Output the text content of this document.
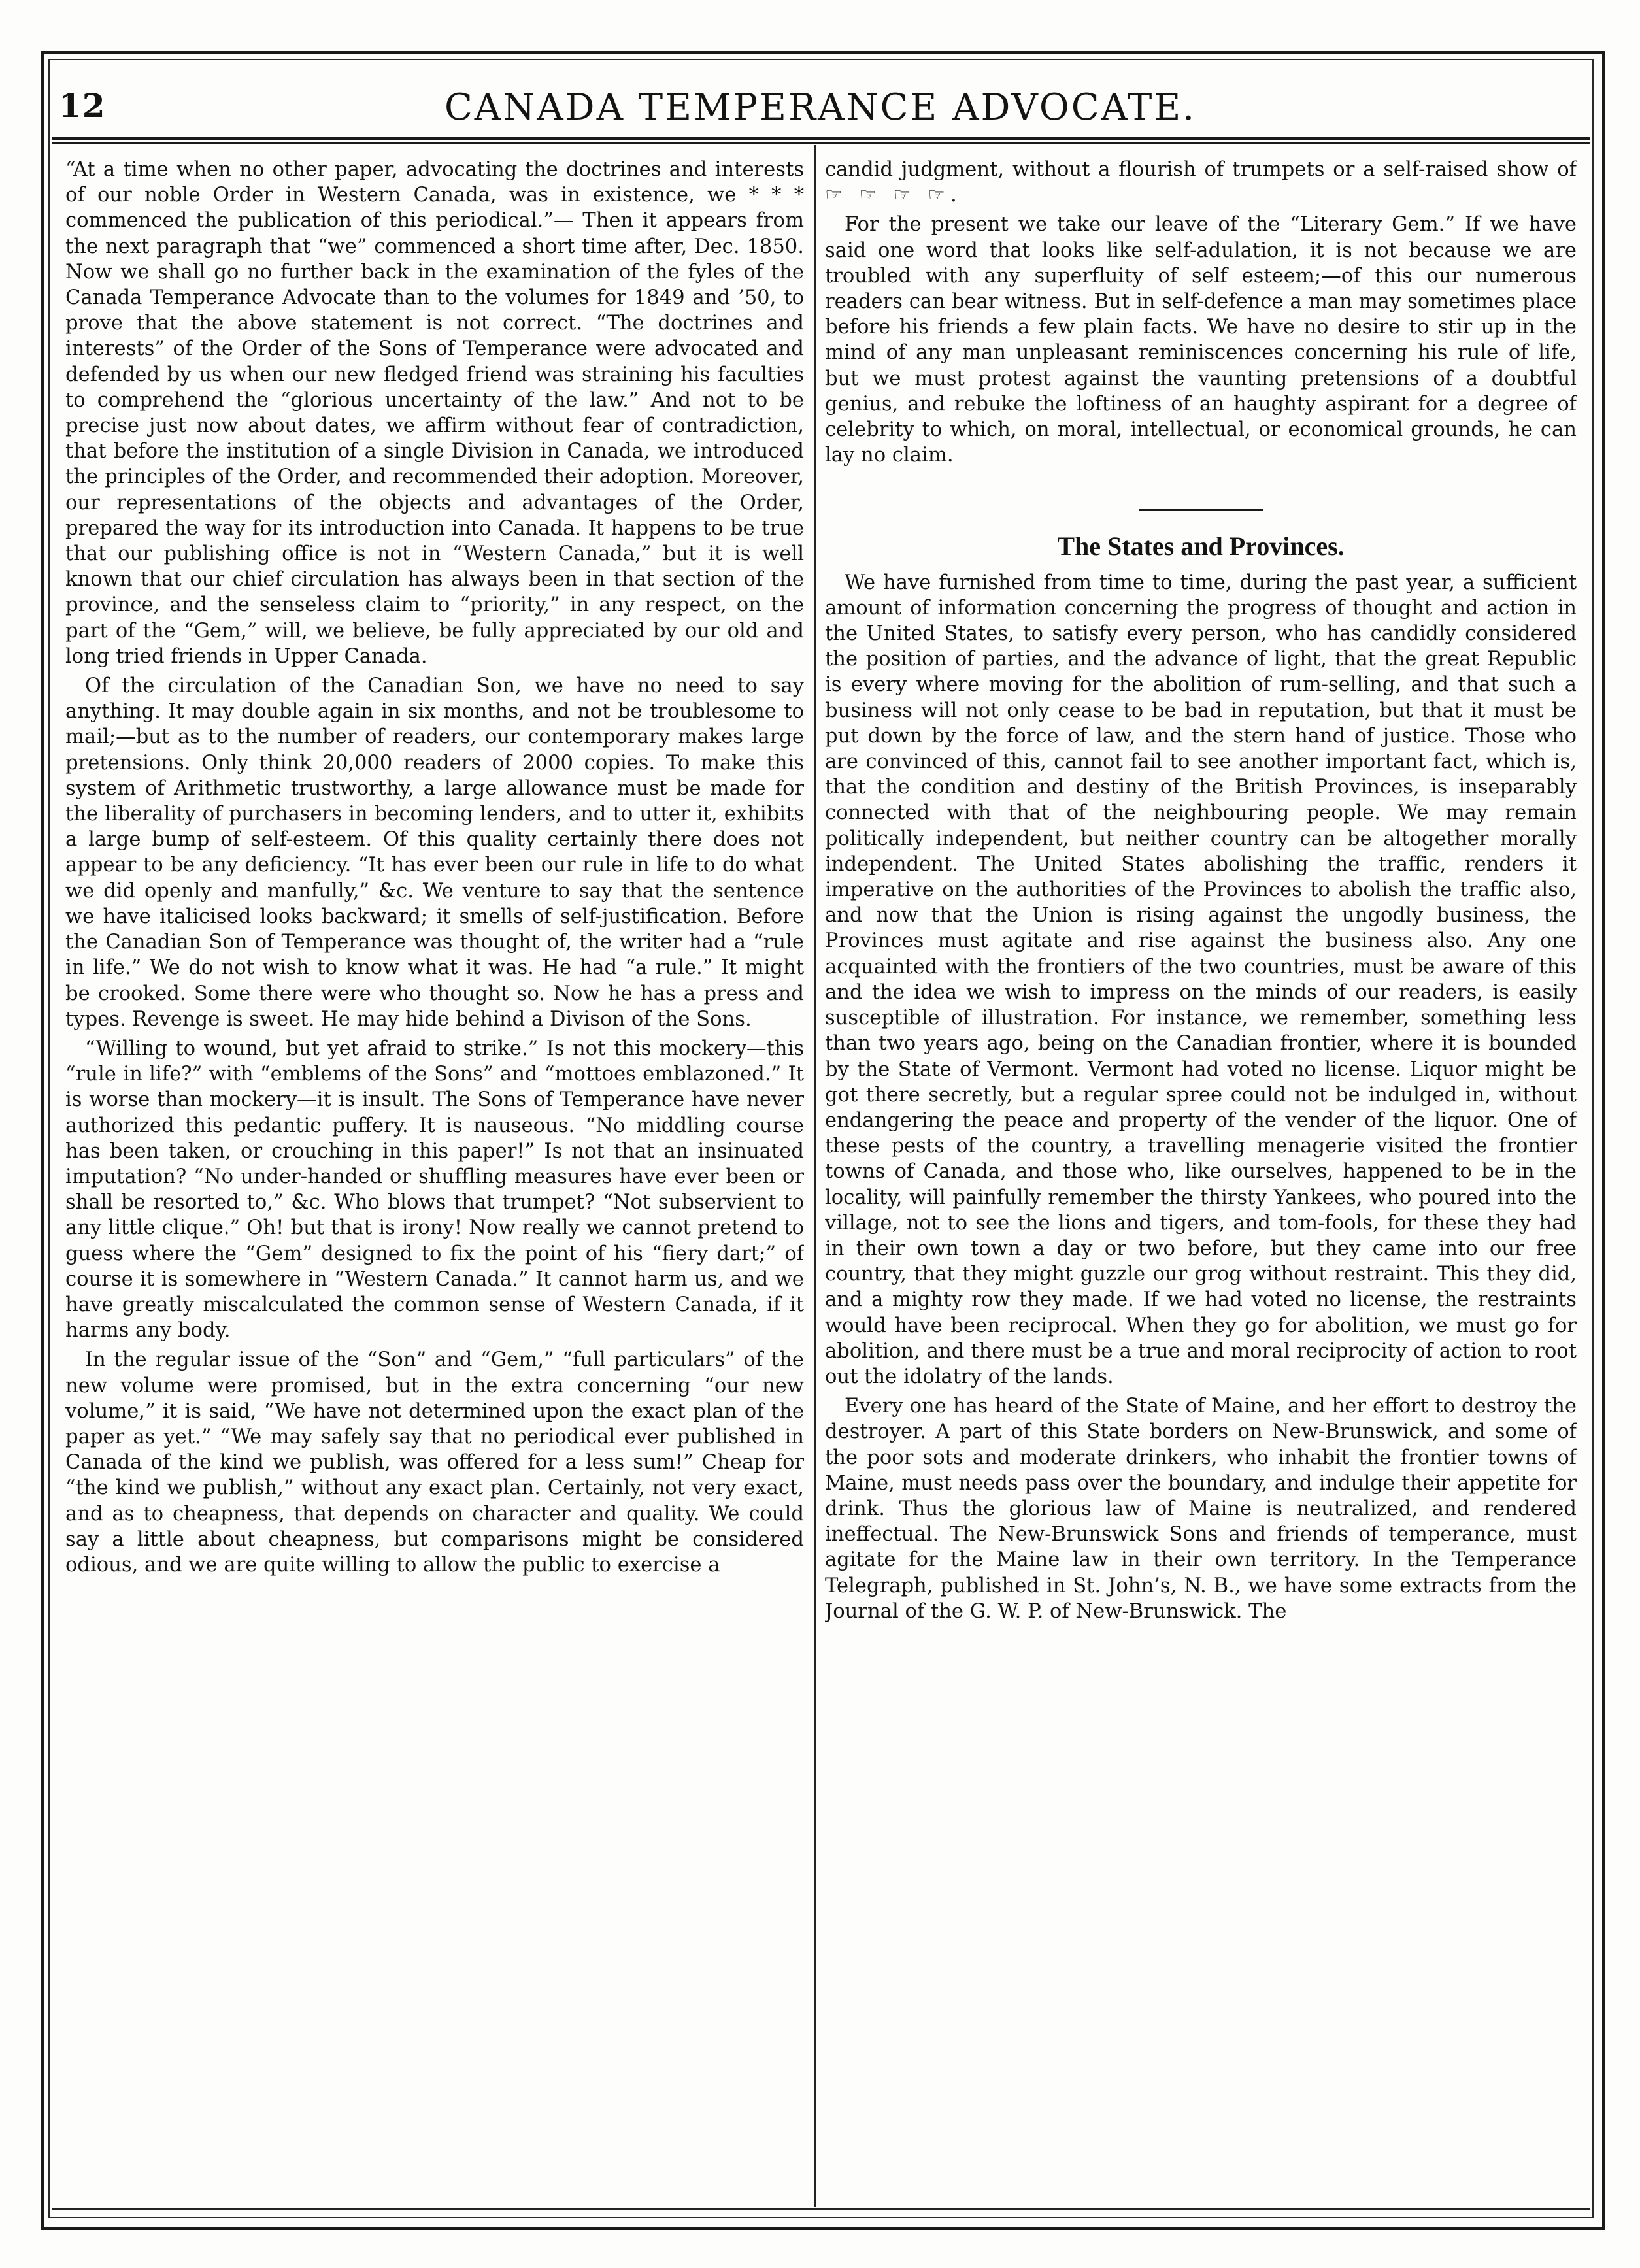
12	CANADA TEMPERANCE ADVOCATE.

“At a time when no other paper, advocating the doctrines and interests of our noble Order in Western Canada, was in existence, we * * * commenced the publication of this periodical.”— Then it appears from the next paragraph that “we” commenced a short time after, Dec. 1850. Now we shall go no further back in the examination of the fyles of the Canada Temperance Advocate than to the volumes for 1849 and ’50, to prove that the above statement is not correct. “The doctrines and interests” of the Order of the Sons of Temperance were advocated and defended by us when our new fledged friend was straining his faculties to comprehend the “glorious uncertainty of the law.” And not to be precise just now about dates, we affirm without fear of contradiction, that before the institution of a single Division in Canada, we introduced the principles of the Order, and recommended their adoption. Moreover, our representations of the objects and advantages of the Order, prepared the way for its introduction into Canada. It happens to be true that our publishing office is not in “Western Canada,” but it is well known that our chief circulation has always been in that section of the province, and the senseless claim to “priority,” in any respect, on the part of the “Gem,” will, we believe, be fully appreciated by our old and long tried friends in Upper Canada.

Of the circulation of the Canadian Son, we have no need to say anything. It may double again in six months, and not be troublesome to mail;—but as to the number of readers, our contemporary makes large pretensions. Only think 20,000 readers of 2000 copies. To make this system of Arithmetic trustworthy, a large allowance must be made for the liberality of purchasers in becoming lenders, and to utter it, exhibits a large bump of self-esteem. Of this quality certainly there does not appear to be any deficiency. “It has ever been our rule in life to do what we did openly and manfully,” &c. We venture to say that the sentence we have italicised looks backward; it smells of self-justification. Before the Canadian Son of Temperance was thought of, the writer had a “rule in life.” We do not wish to know what it was. He had “a rule.” It might be crooked. Some there were who thought so. Now he has a press and types. Revenge is sweet. He may hide behind a Divison of the Sons.

“Willing to wound, but yet afraid to strike.” Is not this mockery—this “rule in life?” with “emblems of the Sons” and “mottoes emblazoned.” It is worse than mockery—it is insult. The Sons of Temperance have never authorized this pedantic puffery. It is nauseous. “No middling course has been taken, or crouching in this paper!” Is not that an insinuated imputation? “No under-handed or shuffling measures have ever been or shall be resorted to,” &c. Who blows that trumpet? “Not subservient to any little clique.” Oh! but that is irony! Now really we cannot pretend to guess where the “Gem” designed to fix the point of his “fiery dart;” of course it is somewhere in “Western Canada.” It cannot harm us, and we have greatly miscalculated the common sense of Western Canada, if it harms any body.

In the regular issue of the “Son” and “Gem,” “full particulars” of the new volume were promised, but in the extra concerning “our new volume,” it is said, “We have not determined upon the exact plan of the paper as yet.” “We may safely say that no periodical ever published in Canada of the kind we publish, was offered for a less sum!” Cheap for “the kind we publish,” without any exact plan. Certainly, not very exact, and as to cheapness, that depends on character and quality. We could say a little about cheapness, but comparisons might be considered odious, and we are quite willing to allow the public to exercise a

candid judgment, without a flourish of trumpets or a self-raised show of ☞ ☞ ☞ ☞.

For the present we take our leave of the “Literary Gem.” If we have said one word that looks like self-adulation, it is not because we are troubled with any superfluity of self esteem;—of this our numerous readers can bear witness. But in self-defence a man may sometimes place before his friends a few plain facts. We have no desire to stir up in the mind of any man unpleasant reminiscences concerning his rule of life, but we must protest against the vaunting pretensions of a doubtful genius, and rebuke the loftiness of an haughty aspirant for a degree of celebrity to which, on moral, intellectual, or economical grounds, he can lay no claim.

The States and Provinces.

We have furnished from time to time, during the past year, a sufficient amount of information concerning the progress of thought and action in the United States, to satisfy every person, who has candidly considered the position of parties, and the advance of light, that the great Republic is every where moving for the abolition of rum-selling, and that such a business will not only cease to be bad in reputation, but that it must be put down by the force of law, and the stern hand of justice. Those who are convinced of this, cannot fail to see another important fact, which is, that the condition and destiny of the British Provinces, is inseparably connected with that of the neighbouring people. We may remain politically independent, but neither country can be altogether morally independent. The United States abolishing the traffic, renders it imperative on the authorities of the Provinces to abolish the traffic also, and now that the Union is rising against the ungodly business, the Provinces must agitate and rise against the business also. Any one acquainted with the frontiers of the two countries, must be aware of this and the idea we wish to impress on the minds of our readers, is easily susceptible of illustration. For instance, we remember, something less than two years ago, being on the Canadian frontier, where it is bounded by the State of Vermont. Vermont had voted no license. Liquor might be got there secretly, but a regular spree could not be indulged in, without endangering the peace and property of the vender of the liquor. One of these pests of the country, a travelling menagerie visited the frontier towns of Canada, and those who, like ourselves, happened to be in the locality, will painfully remember the thirsty Yankees, who poured into the village, not to see the lions and tigers, and tom-fools, for these they had in their own town a day or two before, but they came into our free country, that they might guzzle our grog without restraint. This they did, and a mighty row they made. If we had voted no license, the restraints would have been reciprocal. When they go for abolition, we must go for abolition, and there must be a true and moral reciprocity of action to root out the idolatry of the lands.

Every one has heard of the State of Maine, and her effort to destroy the destroyer. A part of this State borders on New-Brunswick, and some of the poor sots and moderate drinkers, who inhabit the frontier towns of Maine, must needs pass over the boundary, and indulge their appetite for drink. Thus the glorious law of Maine is neutralized, and rendered ineffectual. The New-Brunswick Sons and friends of temperance, must agitate for the Maine law in their own territory. In the Temperance Telegraph, published in St. John’s, N. B., we have some extracts from the Journal of the G. W. P. of New-Brunswick. The
